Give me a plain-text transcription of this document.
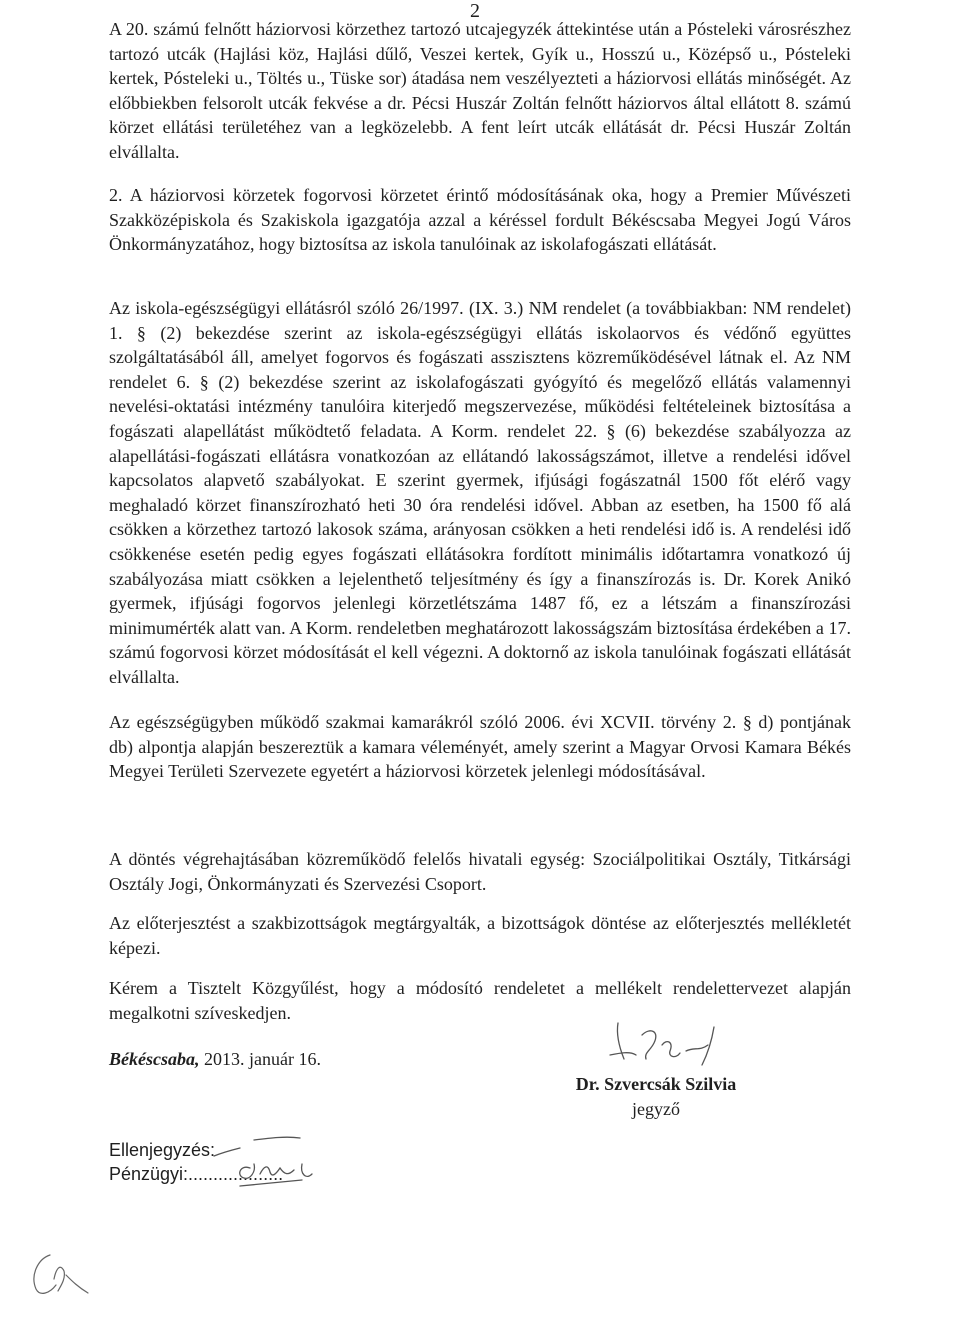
2

A 20. számú felnőtt háziorvosi körzethez tartozó utcajegyzék áttekintése után a Pósteleki városrészhez tartozó utcák (Hajlási köz, Hajlási dűlő, Veszei kertek, Gyík u., Hosszú u., Középső u., Pósteleki kertek, Pósteleki u., Töltés u., Tüske sor) átadása nem veszélyezteti a háziorvosi ellátás minőségét. Az előbbiekben felsorolt utcák fekvése a dr. Pécsi Huszár Zoltán felnőtt háziorvos által ellátott 8. számú körzet ellátási területéhez van a legközelebb. A fent leírt utcák ellátását dr. Pécsi Huszár Zoltán elvállalta.

2. A háziorvosi körzetek fogorvosi körzetet érintő módosításának oka, hogy a Premier Művészeti Szakközépiskola és Szakiskola igazgatója azzal a kéréssel fordult Békéscsaba Megyei Jogú Város Önkormányzatához, hogy biztosítsa az iskola tanulóinak az iskolafogászati ellátását.

Az iskola-egészségügyi ellátásról szóló 26/1997. (IX. 3.) NM rendelet (a továbbiakban: NM rendelet) 1. § (2) bekezdése szerint az iskola-egészségügyi ellátás iskolaorvos és védőnő együttes szolgáltatásából áll, amelyet fogorvos és fogászati asszisztens közreműködésével látnak el. Az NM rendelet 6. § (2) bekezdése szerint az iskolafogászati gyógyító és megelőző ellátás valamennyi nevelési-oktatási intézmény tanulóira kiterjedő megszervezése, működési feltételeinek biztosítása a fogászati alapellátást működtető feladata. A Korm. rendelet 22. § (6) bekezdése szabályozza az alapellátási-fogászati ellátásra vonatkozóan az ellátandó lakosságszámot, illetve a rendelési idővel kapcsolatos alapvető szabályokat. E szerint gyermek, ifjúsági fogászatnál 1500 főt elérő vagy meghaladó körzet finanszírozható heti 30 óra rendelési idővel. Abban az esetben, ha 1500 fő alá csökken a körzethez tartozó lakosok száma, arányosan csökken a heti rendelési idő is. A rendelési idő csökkenése esetén pedig egyes fogászati ellátásokra fordított minimális időtartamra vonatkozó új szabályozása miatt csökken a lejelenthető teljesítmény és így a finanszírozás is. Dr. Korek Anikó gyermek, ifjúsági fogorvos jelenlegi körzetlétszáma 1487 fő, ez a létszám a finanszírozási minimumérték alatt van. A Korm. rendeletben meghatározott lakosságszám biztosítása érdekében a 17. számú fogorvosi körzet módosítását el kell végezni. A doktornő az iskola tanulóinak fogászati ellátását elvállalta.

Az egészségügyben működő szakmai kamarákról szóló 2006. évi XCVII. törvény 2. § d) pontjának db) alpontja alapján beszereztük a kamara véleményét, amely szerint a Magyar Orvosi Kamara Békés Megyei Területi Szervezete egyetért a háziorvosi körzetek jelenlegi módosításával.

A döntés végrehajtásában közreműködő felelős hivatali egység: Szociálpolitikai Osztály, Titkársági Osztály Jogi, Önkormányzati és Szervezési Csoport.

Az előterjesztést a szakbizottságok megtárgyalták, a bizottságok döntése az előterjesztés mellékletét képezi.

Kérem a Tisztelt Közgyűlést, hogy a módosító rendeletet a mellékelt rendelettervezet alapján megalkotni szíveskedjen.

Békéscsaba, 2013. január 16.
Dr. Szvercsák Szilvia
jegyző
Ellenjegyzés:
Pénzügyi:...................
